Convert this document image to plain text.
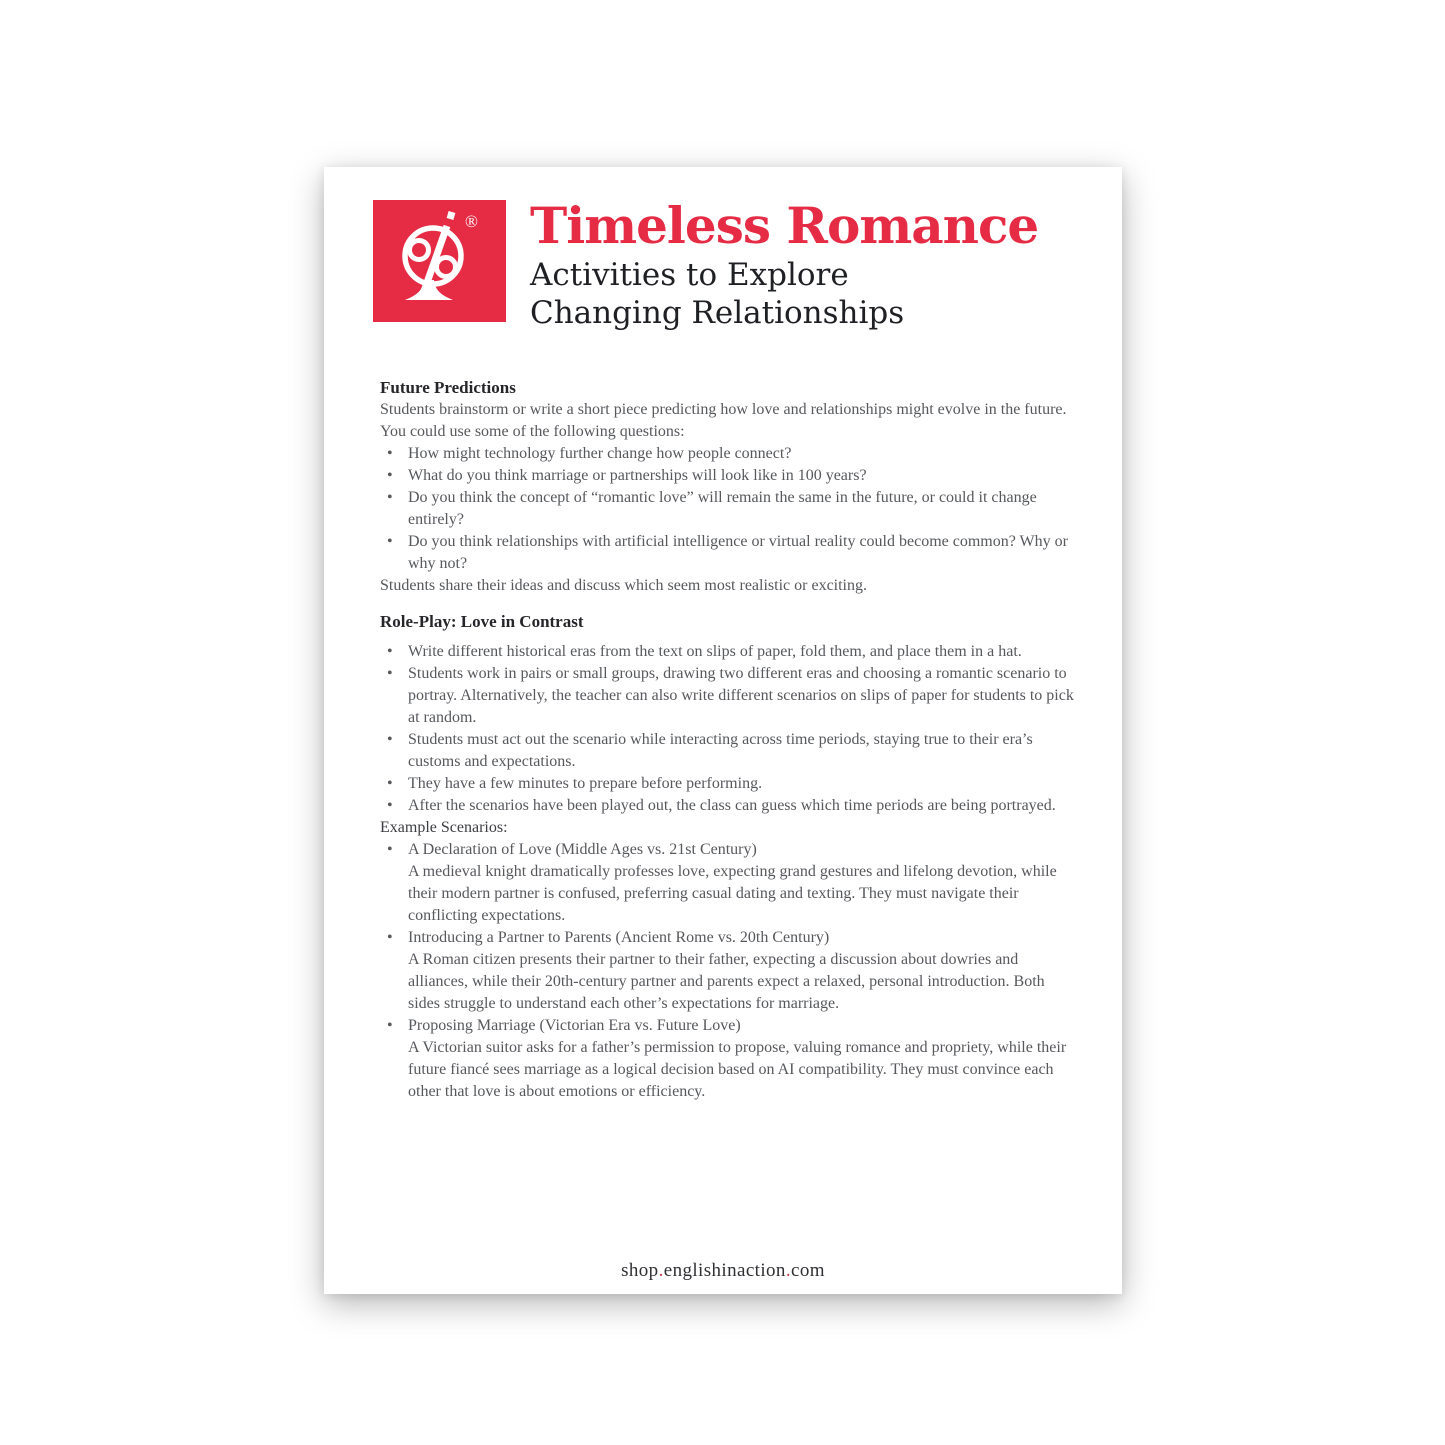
® Timeless Romance
Activities to Explore
Changing Relationships
Future Predictions

Students brainstorm or write a short piece predicting how love and relationships might evolve in the future. You could use some of the following questions:

• How might technology further change how people connect?
• What do you think marriage or partnerships will look like in 100 years?
• Do you think the concept of “romantic love” will remain the same in the future, or could it change entirely?
• Do you think relationships with artificial intelligence or virtual reality could become common? Why or why not?

Students share their ideas and discuss which seem most realistic or exciting.

Role-Play: Love in Contrast
• Write different historical eras from the text on slips of paper, fold them, and place them in a hat.
• Students work in pairs or small groups, drawing two different eras and choosing a romantic scenario to portray. Alternatively, the teacher can also write different scenarios on slips of paper for students to pick at random.
• Students must act out the scenario while interacting across time periods, staying true to their era’s customs and expectations.
• They have a few minutes to prepare before performing.
• After the scenarios have been played out, the class can guess which time periods are being portrayed.
Example Scenarios:
• A Declaration of Love (Middle Ages vs. 21st Century)
A medieval knight dramatically professes love, expecting grand gestures and lifelong devotion, while their modern partner is confused, preferring casual dating and texting. They must navigate their conflicting expectations.
• Introducing a Partner to Parents (Ancient Rome vs. 20th Century)
A Roman citizen presents their partner to their father, expecting a discussion about dowries and alliances, while their 20th-century partner and parents expect a relaxed, personal introduction. Both sides struggle to understand each other’s expectations for marriage.
• Proposing Marriage (Victorian Era vs. Future Love)
A Victorian suitor asks for a father’s permission to propose, valuing romance and propriety, while their future fiancé sees marriage as a logical decision based on AI compatibility. They must convince each other that love is about emotions or efficiency.
shop.englishinaction.com
